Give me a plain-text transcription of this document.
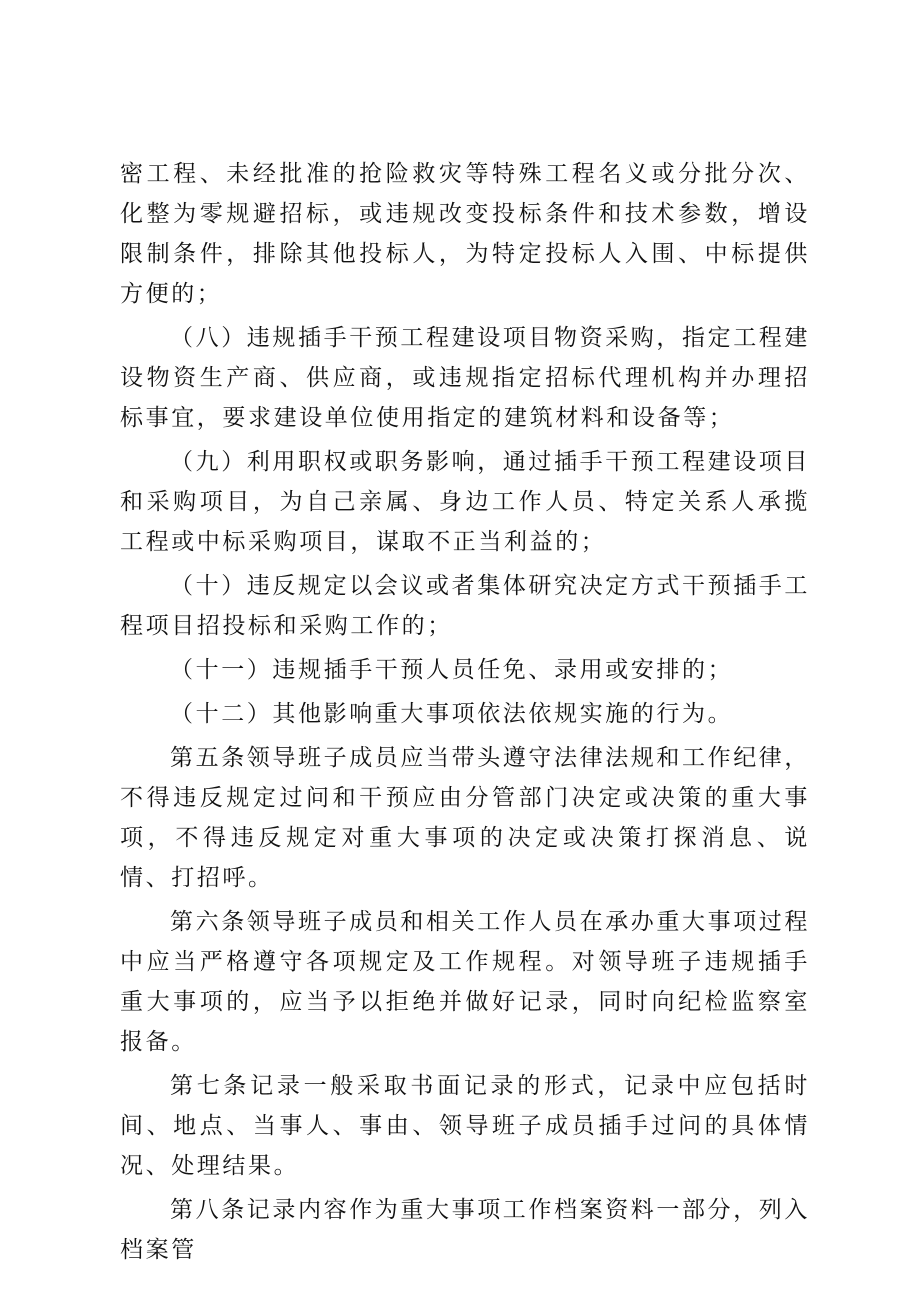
密工程、未经批准的抢险救灾等特殊工程名义或分批分次、化整为零规避招标，或违规改变投标条件和技术参数，增设限制条件，排除其他投标人，为特定投标人入围、中标提供方便的；

（八）违规插手干预工程建设项目物资采购，指定工程建设物资生产商、供应商，或违规指定招标代理机构并办理招标事宜，要求建设单位使用指定的建筑材料和设备等；

（九）利用职权或职务影响，通过插手干预工程建设项目和采购项目，为自己亲属、身边工作人员、特定关系人承揽工程或中标采购项目，谋取不正当利益的；

（十）违反规定以会议或者集体研究决定方式干预插手工程项目招投标和采购工作的；

（十一）违规插手干预人员任免、录用或安排的；

（十二）其他影响重大事项依法依规实施的行为。

第五条领导班子成员应当带头遵守法律法规和工作纪律，不得违反规定过问和干预应由分管部门决定或决策的重大事项，不得违反规定对重大事项的决定或决策打探消息、说情、打招呼。

第六条领导班子成员和相关工作人员在承办重大事项过程中应当严格遵守各项规定及工作规程。对领导班子违规插手重大事项的，应当予以拒绝并做好记录，同时向纪检监察室报备。

第七条记录一般采取书面记录的形式，记录中应包括时间、地点、当事人、事由、领导班子成员插手过问的具体情况、处理结果。

第八条记录内容作为重大事项工作档案资料一部分，列入档案管
